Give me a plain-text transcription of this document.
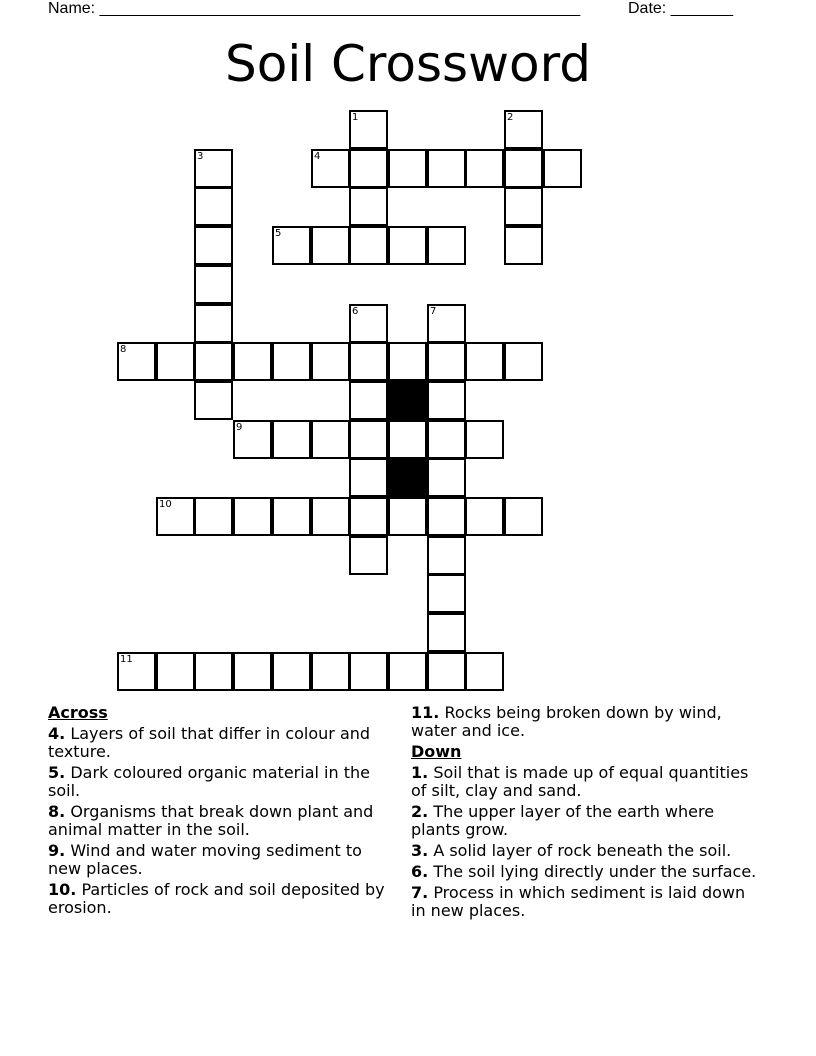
Name: ______________________________________________________	Date: _______
Soil Crossword
1	2
3	4
5
6	7
8
9
10
11
Across
4. Layers of soil that differ in colour and texture.
5. Dark coloured organic material in the soil.
8. Organisms that break down plant and animal matter in the soil.
9. Wind and water moving sediment to new places.
10. Particles of rock and soil deposited by erosion.
11. Rocks being broken down by wind, water and ice.
Down
1. Soil that is made up of equal quantities of silt, clay and sand.
2. The upper layer of the earth where plants grow.
3. A solid layer of rock beneath the soil.
6. The soil lying directly under the surface.
7. Process in which sediment is laid down in new places.
